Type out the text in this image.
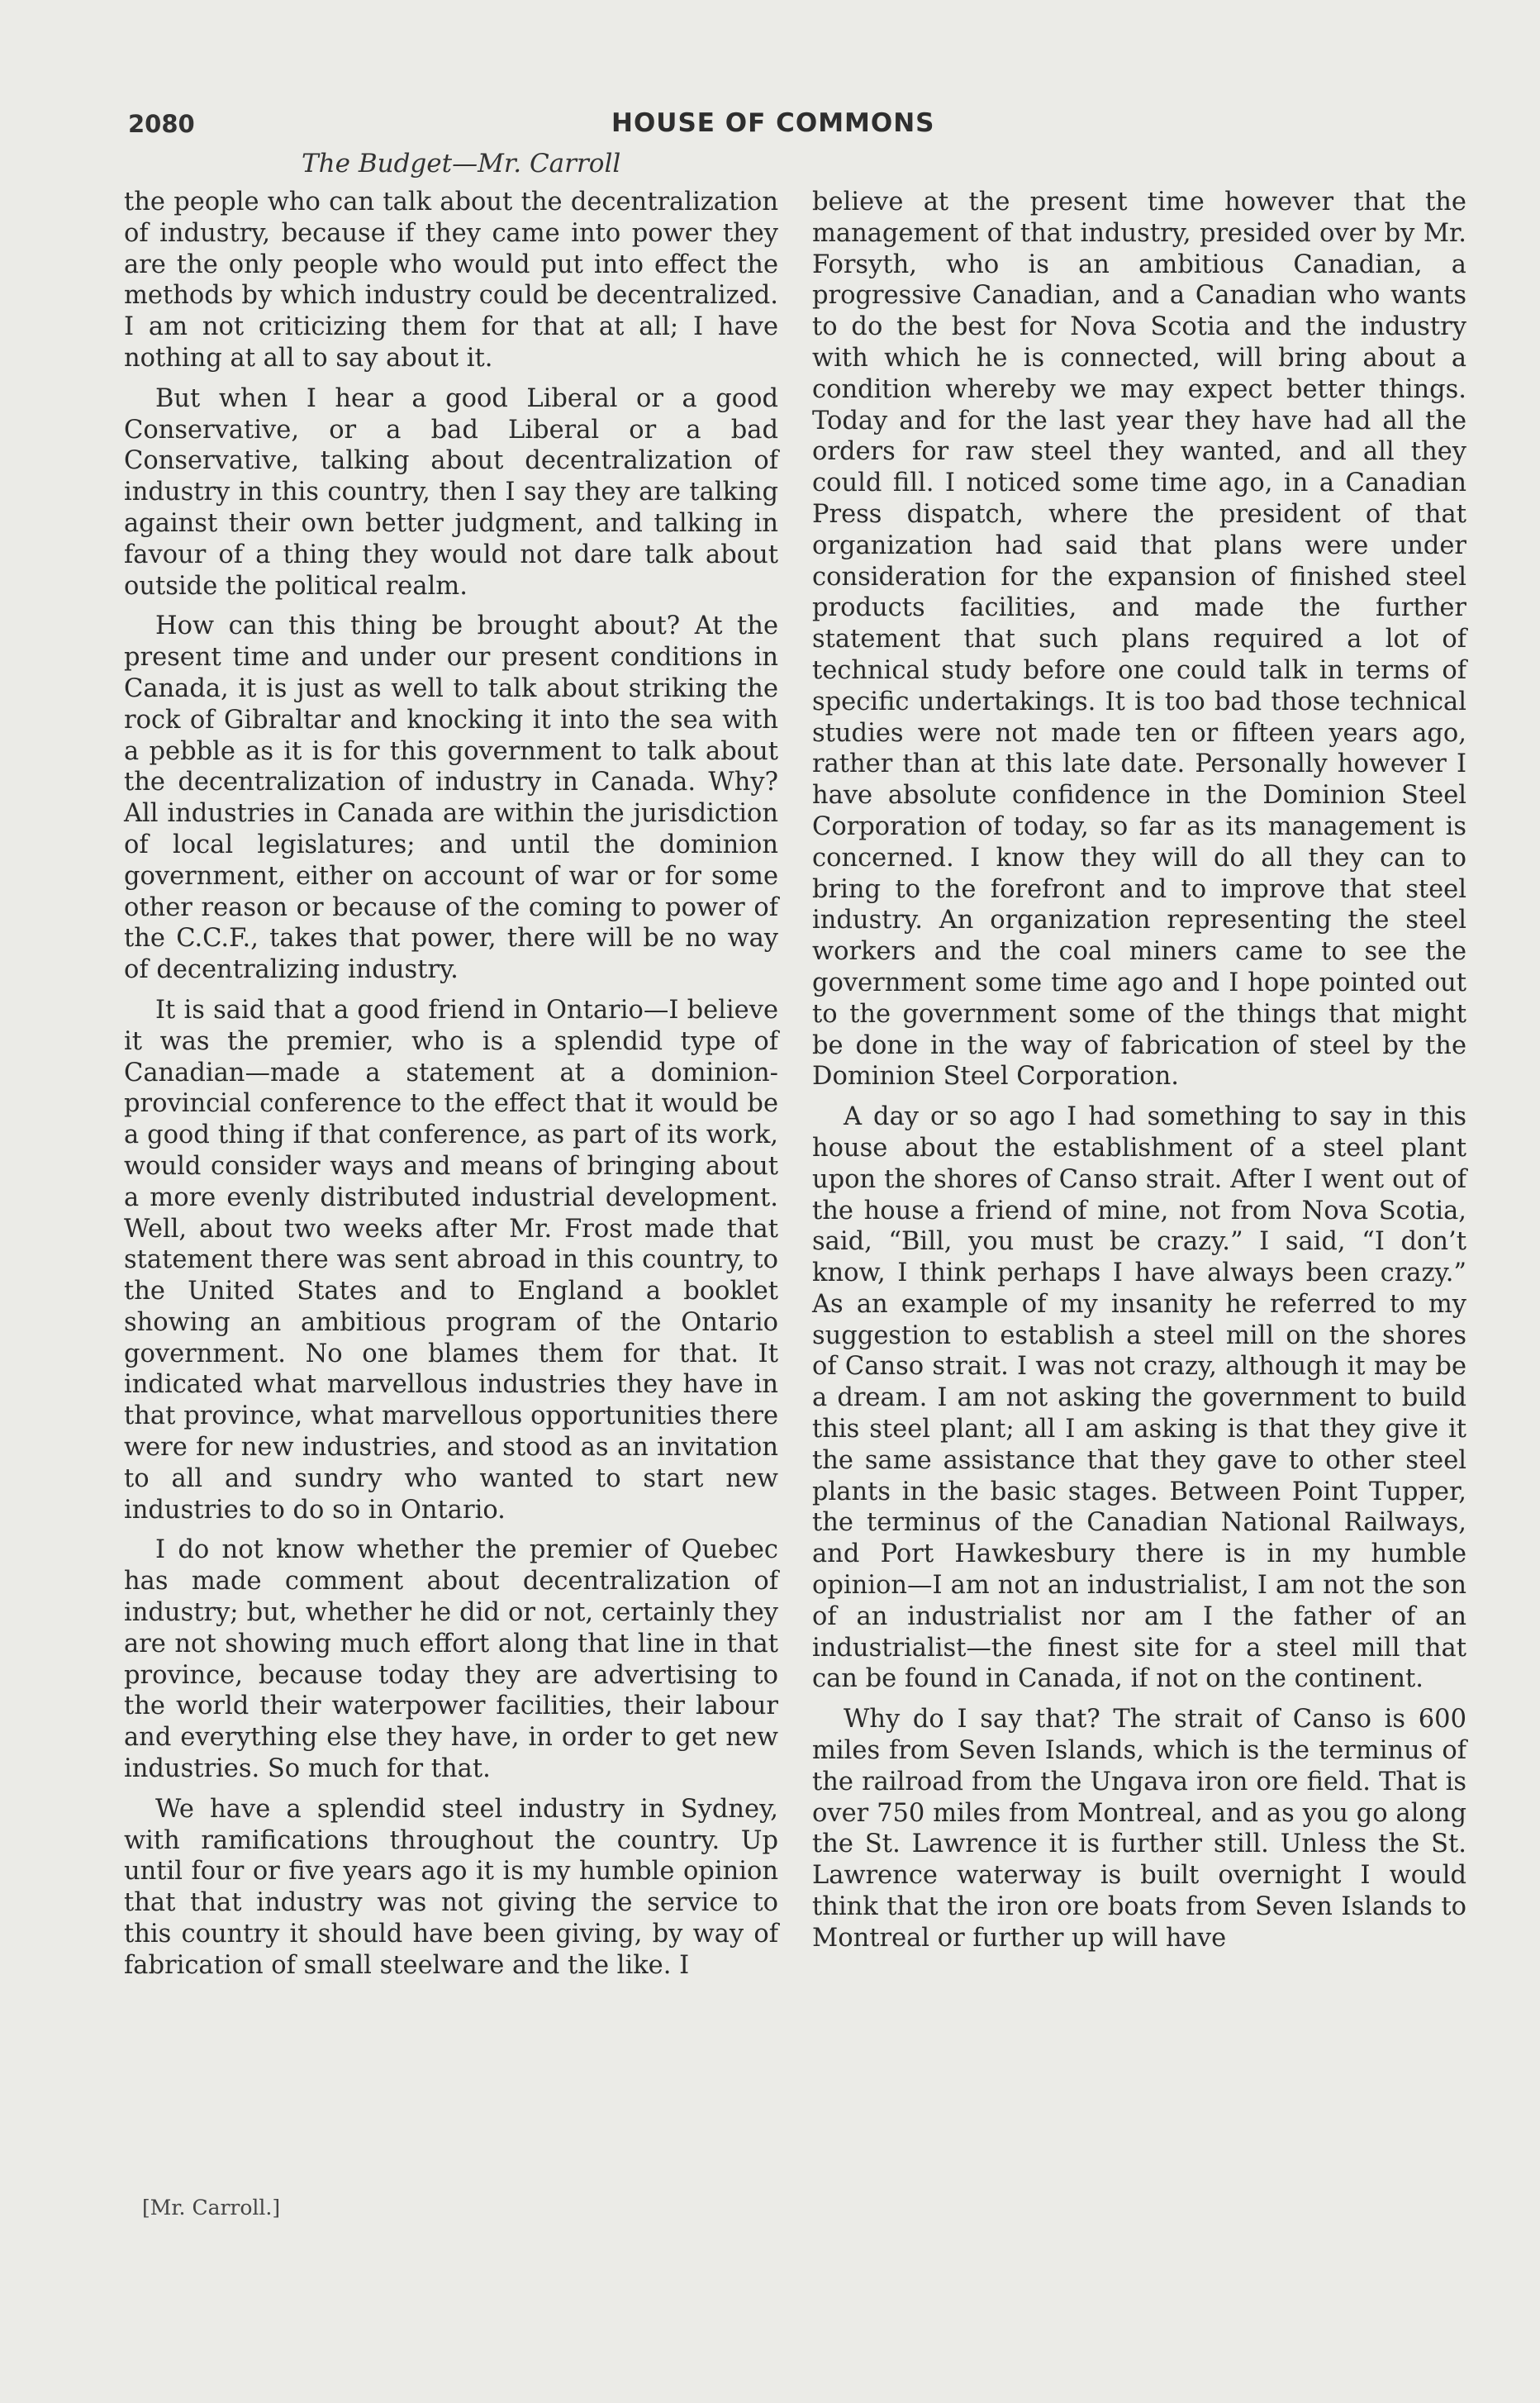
2080	HOUSE OF COMMONS
The Budget—Mr. Carroll

the people who can talk about the decentralization of industry, because if they came into power they are the only people who would put into effect the methods by which industry could be decentralized. I am not criticizing them for that at all; I have nothing at all to say about it.

But when I hear a good Liberal or a good Conservative, or a bad Liberal or a bad Conservative, talking about decentralization of industry in this country, then I say they are talking against their own better judgment, and talking in favour of a thing they would not dare talk about outside the political realm.

How can this thing be brought about? At the present time and under our present conditions in Canada, it is just as well to talk about striking the rock of Gibraltar and knocking it into the sea with a pebble as it is for this government to talk about the decentralization of industry in Canada. Why? All industries in Canada are within the jurisdiction of local legislatures; and until the dominion government, either on account of war or for some other reason or because of the coming to power of the C.C.F., takes that power, there will be no way of decentralizing industry.

It is said that a good friend in Ontario—I believe it was the premier, who is a splendid type of Canadian—made a statement at a dominion-provincial conference to the effect that it would be a good thing if that conference, as part of its work, would consider ways and means of bringing about a more evenly distributed industrial development. Well, about two weeks after Mr. Frost made that statement there was sent abroad in this country, to the United States and to England a booklet showing an ambitious program of the Ontario government. No one blames them for that. It indicated what marvellous industries they have in that province, what marvellous opportunities there were for new industries, and stood as an invitation to all and sundry who wanted to start new industries to do so in Ontario.

I do not know whether the premier of Quebec has made comment about decentralization of industry; but, whether he did or not, certainly they are not showing much effort along that line in that province, because today they are advertising to the world their waterpower facilities, their labour and everything else they have, in order to get new industries. So much for that.

We have a splendid steel industry in Sydney, with ramifications throughout the country. Up until four or five years ago it is my humble opinion that that industry was not giving the service to this country it should have been giving, by way of fabrication of small steelware and the like. I

believe at the present time however that the management of that industry, presided over by Mr. Forsyth, who is an ambitious Canadian, a progressive Canadian, and a Canadian who wants to do the best for Nova Scotia and the industry with which he is connected, will bring about a condition whereby we may expect better things. Today and for the last year they have had all the orders for raw steel they wanted, and all they could fill. I noticed some time ago, in a Canadian Press dispatch, where the president of that organization had said that plans were under consideration for the expansion of finished steel products facilities, and made the further statement that such plans required a lot of technical study before one could talk in terms of specific undertakings. It is too bad those technical studies were not made ten or fifteen years ago, rather than at this late date. Personally however I have absolute confidence in the Dominion Steel Corporation of today, so far as its management is concerned. I know they will do all they can to bring to the forefront and to improve that steel industry. An organization representing the steel workers and the coal miners came to see the government some time ago and I hope pointed out to the government some of the things that might be done in the way of fabrication of steel by the Dominion Steel Corporation.

A day or so ago I had something to say in this house about the establishment of a steel plant upon the shores of Canso strait. After I went out of the house a friend of mine, not from Nova Scotia, said, “Bill, you must be crazy.” I said, “I don’t know, I think perhaps I have always been crazy.” As an example of my insanity he referred to my suggestion to establish a steel mill on the shores of Canso strait. I was not crazy, although it may be a dream. I am not asking the government to build this steel plant; all I am asking is that they give it the same assistance that they gave to other steel plants in the basic stages. Between Point Tupper, the terminus of the Canadian National Railways, and Port Hawkesbury there is in my humble opinion—I am not an industrialist, I am not the son of an industrialist nor am I the father of an industrialist—the finest site for a steel mill that can be found in Canada, if not on the continent.

Why do I say that? The strait of Canso is 600 miles from Seven Islands, which is the terminus of the railroad from the Ungava iron ore field. That is over 750 miles from Montreal, and as you go along the St. Lawrence it is further still. Unless the St. Lawrence waterway is built overnight I would think that the iron ore boats from Seven Islands to Montreal or further up will have

[Mr. Carroll.]
